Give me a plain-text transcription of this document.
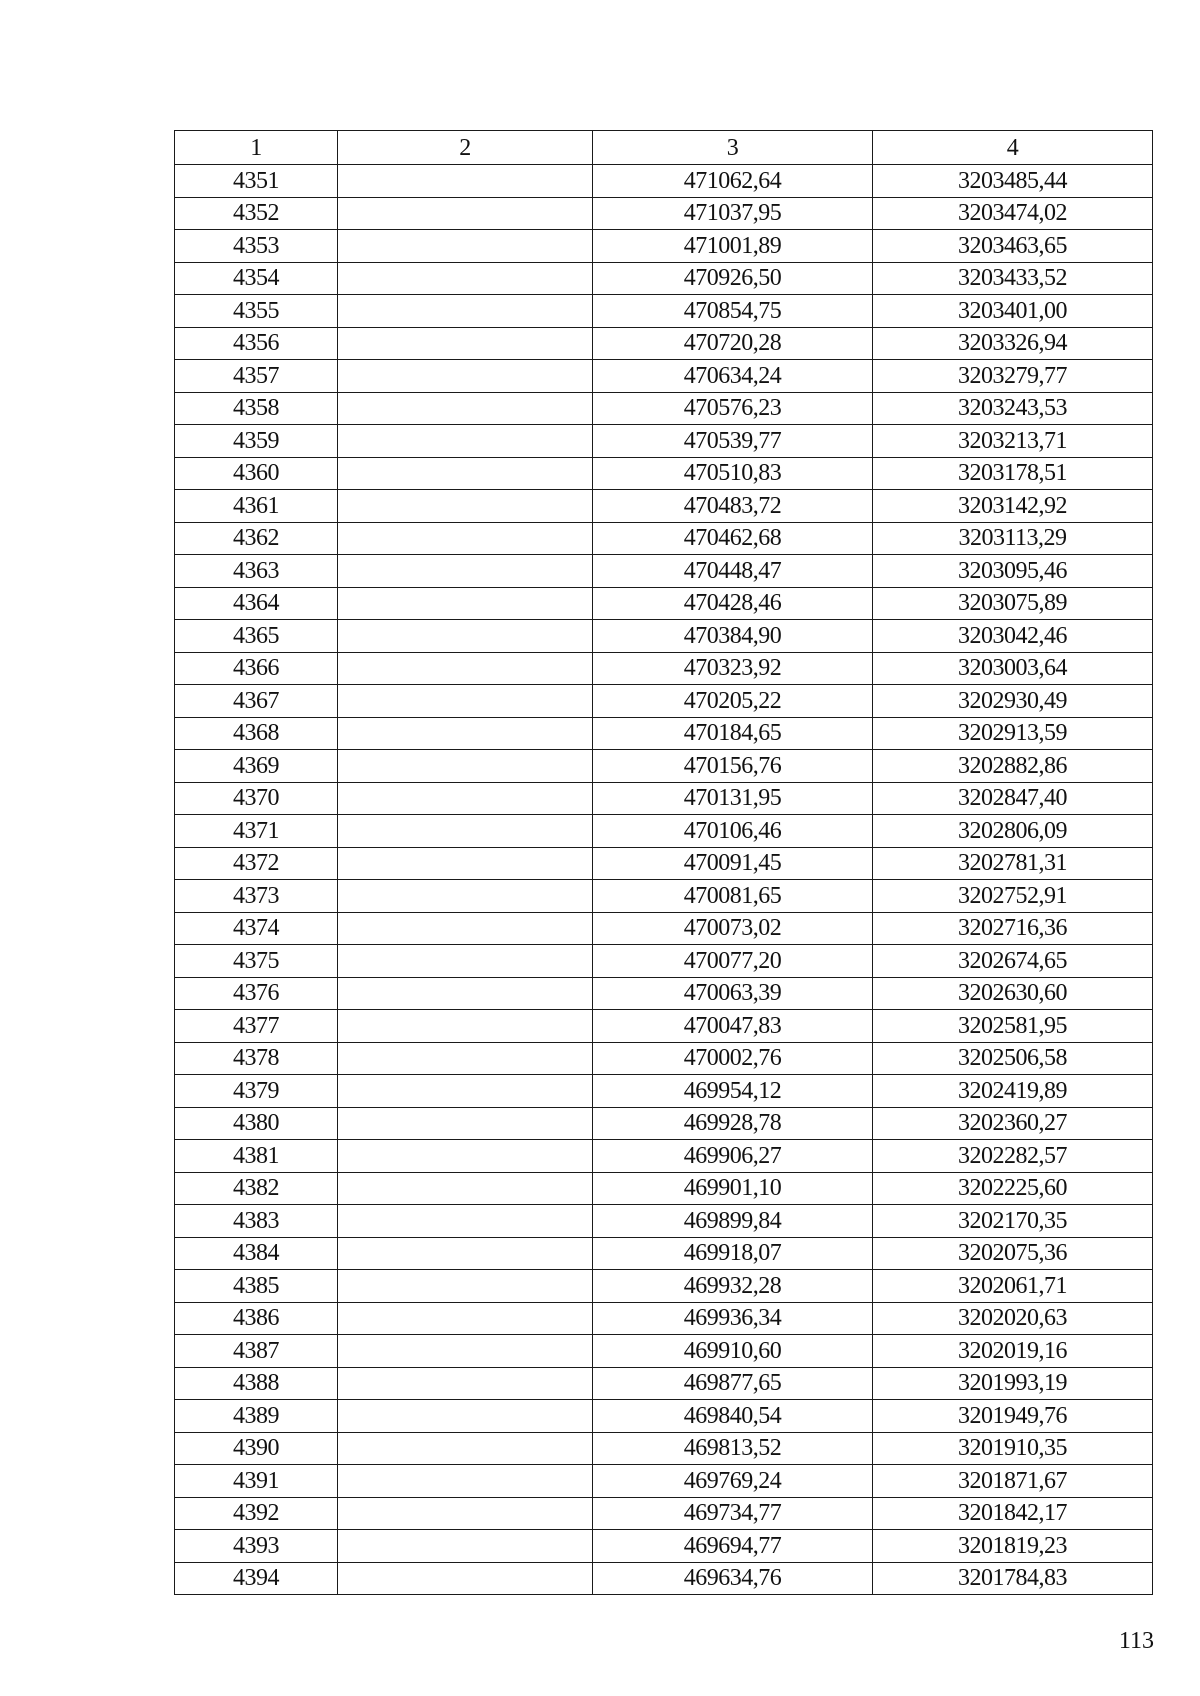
1	2	3	4
4351		471062,64	3203485,44
4352		471037,95	3203474,02
4353		471001,89	3203463,65
4354		470926,50	3203433,52
4355		470854,75	3203401,00
4356		470720,28	3203326,94
4357		470634,24	3203279,77
4358		470576,23	3203243,53
4359		470539,77	3203213,71
4360		470510,83	3203178,51
4361		470483,72	3203142,92
4362		470462,68	3203113,29
4363		470448,47	3203095,46
4364		470428,46	3203075,89
4365		470384,90	3203042,46
4366		470323,92	3203003,64
4367		470205,22	3202930,49
4368		470184,65	3202913,59
4369		470156,76	3202882,86
4370		470131,95	3202847,40
4371		470106,46	3202806,09
4372		470091,45	3202781,31
4373		470081,65	3202752,91
4374		470073,02	3202716,36
4375		470077,20	3202674,65
4376		470063,39	3202630,60
4377		470047,83	3202581,95
4378		470002,76	3202506,58
4379		469954,12	3202419,89
4380		469928,78	3202360,27
4381		469906,27	3202282,57
4382		469901,10	3202225,60
4383		469899,84	3202170,35
4384		469918,07	3202075,36
4385		469932,28	3202061,71
4386		469936,34	3202020,63
4387		469910,60	3202019,16
4388		469877,65	3201993,19
4389		469840,54	3201949,76
4390		469813,52	3201910,35
4391		469769,24	3201871,67
4392		469734,77	3201842,17
4393		469694,77	3201819,23
4394		469634,76	3201784,83
113
